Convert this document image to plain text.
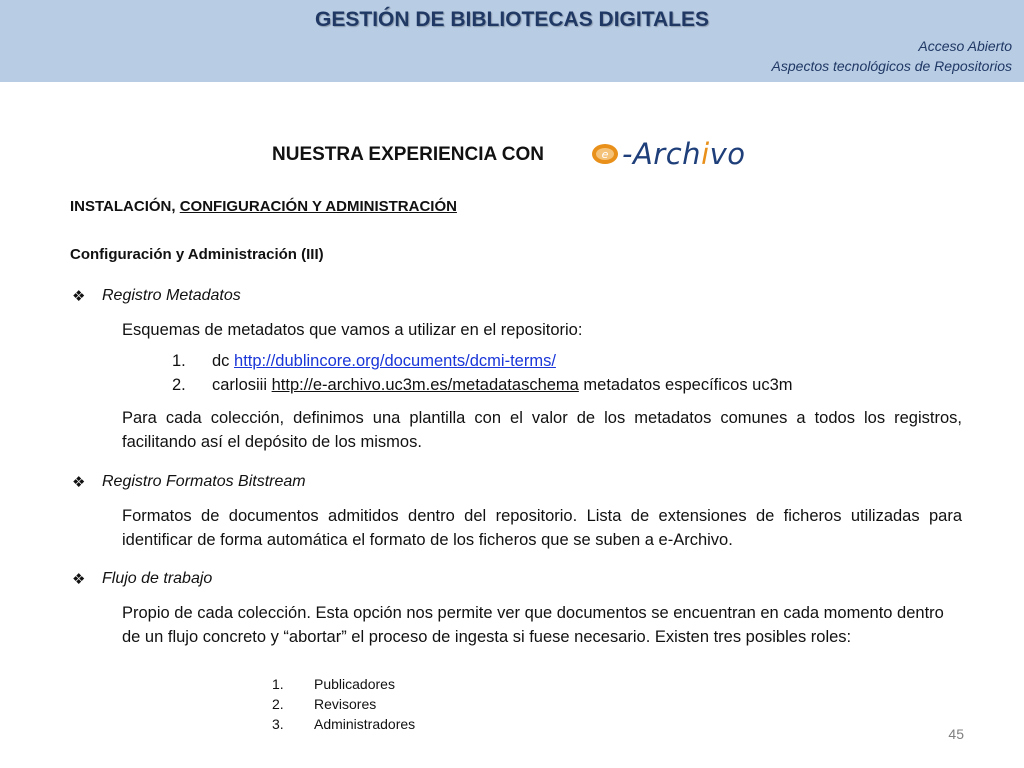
GESTIÓN DE BIBLIOTECAS DIGITALES
Acceso Abierto
Aspectos tecnológicos de Repositorios
NUESTRA EXPERIENCIA CON	e -Archivo
INSTALACIÓN, CONFIGURACIÓN Y ADMINISTRACIÓN
Configuración y Administración (III)
❖ Registro Metadatos
Esquemas de metadatos que vamos a utilizar en el repositorio:
1.	dc http://dublincore.org/documents/dcmi-terms/
2.	carlosiii http://e-archivo.uc3m.es/metadataschema metadatos específicos uc3m
Para cada colección, definimos una plantilla con el valor de los metadatos comunes a todos los registros, facilitando así el depósito de los mismos.
❖ Registro Formatos Bitstream
Formatos de documentos admitidos dentro del repositorio. Lista de extensiones de ficheros utilizadas para identificar de forma automática el formato de los ficheros que se suben a e-Archivo.
❖ Flujo de trabajo
Propio de cada colección. Esta opción nos permite ver que documentos se encuentran en cada momento dentro de un flujo concreto y “abortar” el proceso de ingesta si fuese necesario. Existen tres posibles roles:
1.	Publicadores
2.	Revisores
3.	Administradores
45
